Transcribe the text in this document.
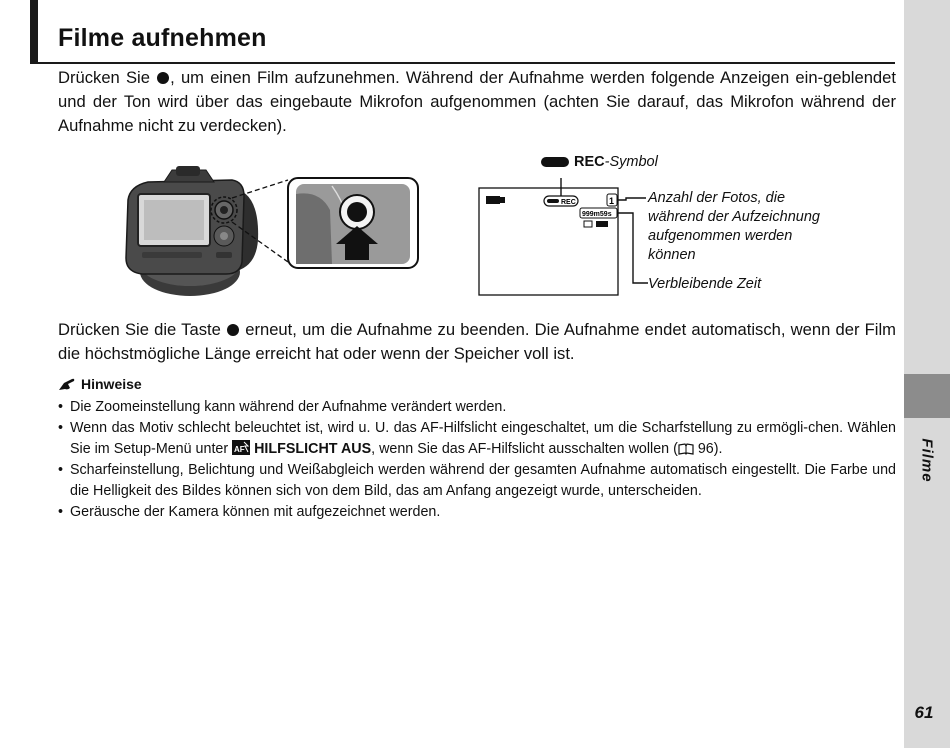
Filme aufnehmen
Filme
61

Drücken Sie , um einen Film aufzunehmen. Während der Aufnahme werden folgende Anzeigen ein-geblendet und der Ton wird über das eingebaute Mikrofon aufgenommen (achten Sie darauf, das Mikrofon während der Aufnahme nicht zu verdecken).

REC	1
999m59s
REC-Symbol
Anzahl der Fotos, die
während der Aufzeichnung
aufgenommen werden
können
Verbleibende Zeit

Drücken Sie die Taste  erneut, um die Aufnahme zu beenden. Die Aufnahme endet automatisch, wenn der Film die höchstmögliche Länge erreicht hat oder wenn der Speicher voll ist.

Hinweise
• Die Zoomeinstellung kann während der Aufnahme verändert werden.
• Wenn das Motiv schlecht beleuchtet ist, wird u. U. das AF-Hilfslicht eingeschaltet, um die Scharfstellung zu ermögli-chen. Wählen Sie im Setup-Menü unter AF HILFSLICHT AUS, wenn Sie das AF-Hilfslicht ausschalten wollen ( 96).
• Scharfeinstellung, Belichtung und Weißabgleich werden während der gesamten Aufnahme automatisch eingestellt. Die Farbe und die Helligkeit des Bildes können sich von dem Bild, das am Anfang angezeigt wurde, unterscheiden.
• Geräusche der Kamera können mit aufgezeichnet werden.
